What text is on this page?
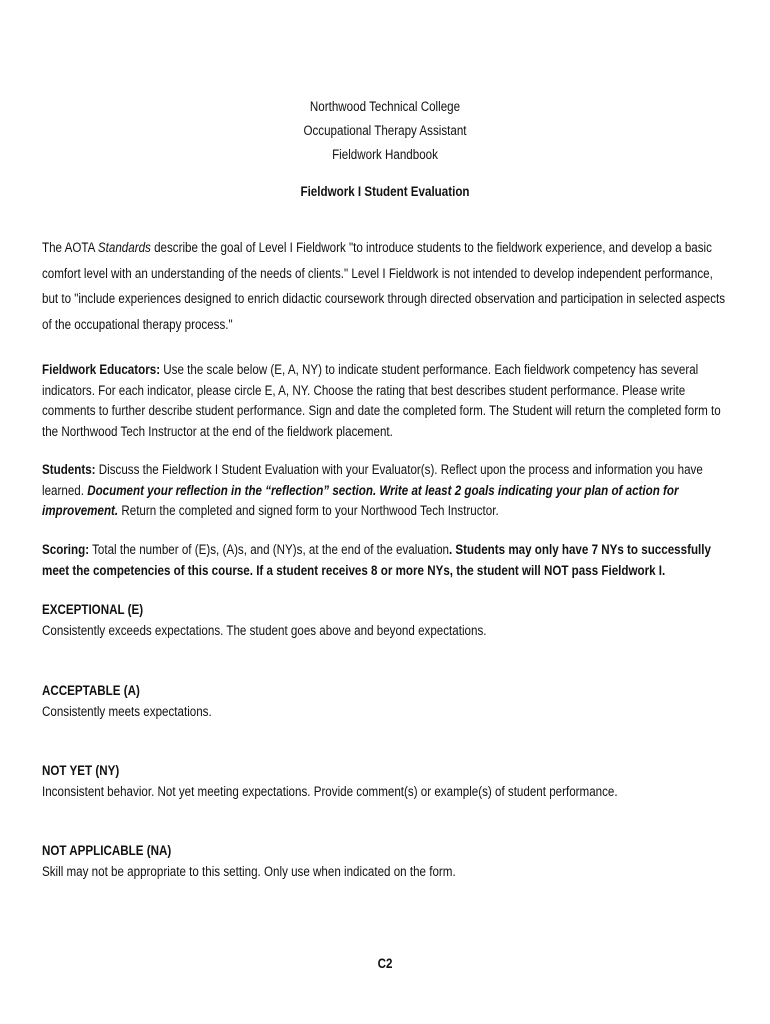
Northwood Technical College
Occupational Therapy Assistant
Fieldwork Handbook
Fieldwork I Student Evaluation

The AOTA Standards describe the goal of Level I Fieldwork "to introduce students to the fieldwork experience, and develop a basic comfort level with an understanding of the needs of clients." Level I Fieldwork is not intended to develop independent performance, but to "include experiences designed to enrich didactic coursework through directed observation and participation in selected aspects of the occupational therapy process."

Fieldwork Educators: Use the scale below (E, A, NY) to indicate student performance. Each fieldwork competency has several indicators. For each indicator, please circle E, A, NY. Choose the rating that best describes student performance. Please write comments to further describe student performance. Sign and date the completed form. The Student will return the completed form to the Northwood Tech Instructor at the end of the fieldwork placement.

Students: Discuss the Fieldwork I Student Evaluation with your Evaluator(s). Reflect upon the process and information you have learned. Document your reflection in the “reflection” section. Write at least 2 goals indicating your plan of action for improvement. Return the completed and signed form to your Northwood Tech Instructor.

Scoring: Total the number of (E)s, (A)s, and (NY)s, at the end of the evaluation. Students may only have 7 NYs to successfully meet the competencies of this course. If a student receives 8 or more NYs, the student will NOT pass Fieldwork I.

EXCEPTIONAL (E)
Consistently exceeds expectations. The student goes above and beyond expectations.
ACCEPTABLE (A)
Consistently meets expectations.
NOT YET (NY)
Inconsistent behavior. Not yet meeting expectations. Provide comment(s) or example(s) of student performance.
NOT APPLICABLE (NA)
Skill may not be appropriate to this setting. Only use when indicated on the form.
C2
